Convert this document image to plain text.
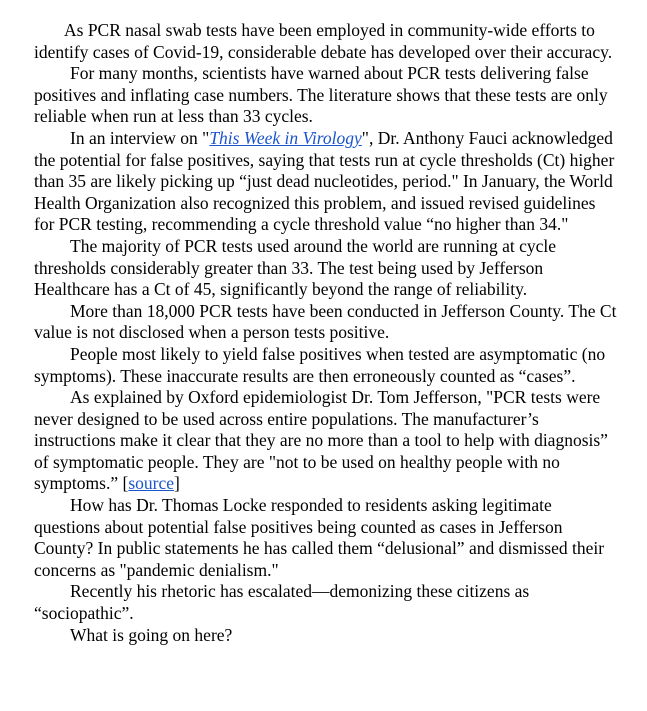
As PCR nasal swab tests have been employed in community-wide efforts to identify cases of Covid-19, considerable debate has developed over their accuracy.

For many months, scientists have warned about PCR tests delivering false positives and inflating case numbers. The literature shows that these tests are only reliable when run at less than 33 cycles.

In an interview on "This Week in Virology", Dr. Anthony Fauci acknowledged the potential for false positives, saying that tests run at cycle thresholds (Ct) higher than 35 are likely picking up “just dead nucleotides, period." In January, the World Health Organization also recognized this problem, and issued revised guidelines for PCR testing, recommending a cycle threshold value “no higher than 34."

The majority of PCR tests used around the world are running at cycle thresholds considerably greater than 33. The test being used by Jefferson Healthcare has a Ct of 45, significantly beyond the range of reliability.

More than 18,000 PCR tests have been conducted in Jefferson County. The Ct value is not disclosed when a person tests positive.

People most likely to yield false positives when tested are asymptomatic (no symptoms). These inaccurate results are then erroneously counted as “cases”.

As explained by Oxford epidemiologist Dr. Tom Jefferson, "PCR tests were never designed to be used across entire populations. The manufacturer’s instructions make it clear that they are no more than a tool to help with diagnosis” of symptomatic people. They are "not to be used on healthy people with no symptoms.” [source]

How has Dr. Thomas Locke responded to residents asking legitimate questions about potential false positives being counted as cases in Jefferson County? In public statements he has called them “delusional” and dismissed their concerns as "pandemic denialism."

Recently his rhetoric has escalated—demonizing these citizens as “sociopathic”.

What is going on here?
